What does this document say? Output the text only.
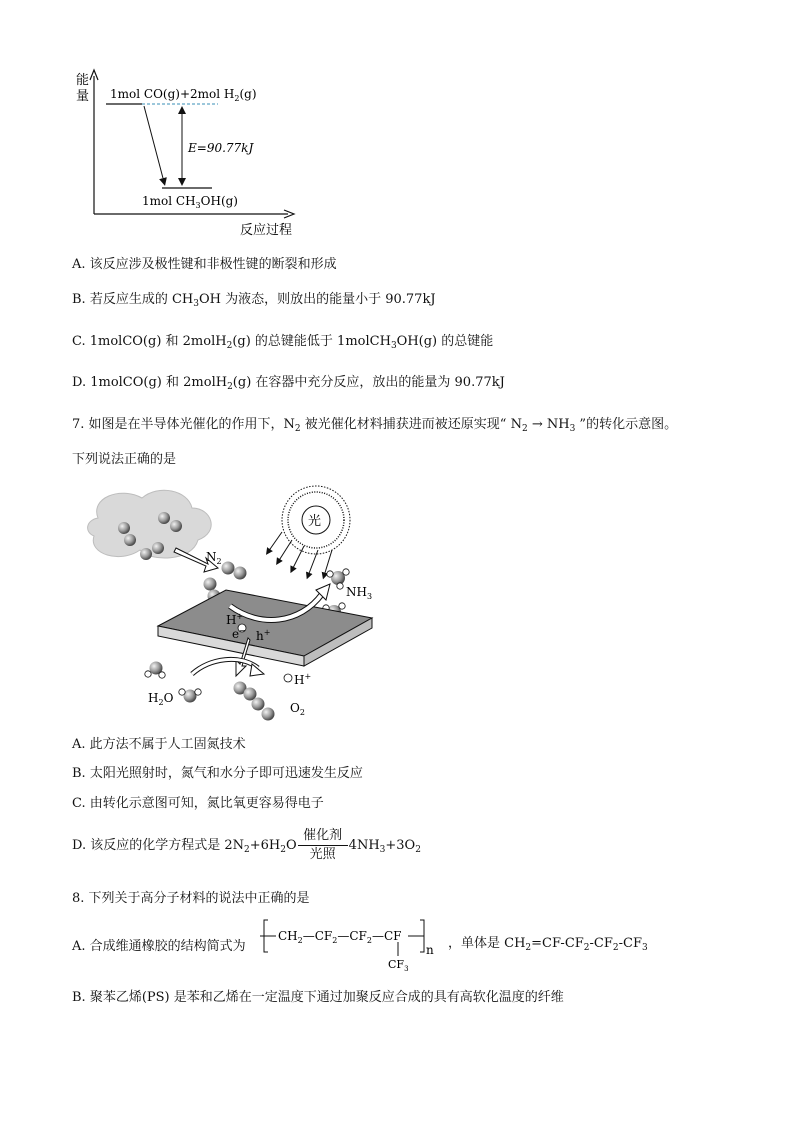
能
量
反应过程
1mol CO(g)+2mol $H_2(g)$
1mol $CH_3OH(g)$
E=90.77kJ
A. 该反应涉及极性键和非极性键的断裂和形成
B. 若反应生成的 $CH_3OH$ 为液态，则放出的能量小于 90.77kJ
C. 1molCO(g) 和 2molH$_2$(g) 的总键能低于 1molCH$_3$OH(g) 的总键能
D. 1molCO(g) 和 2molH$_2$(g) 在容器中充分反应，放出的能量为 90.77kJ
7. 如图是在半导体光催化的作用下，$N_2$ 被光催化材料捕获进而被还原实现“ $N_2 \to NH_3$ ”的转化示意图。
下列说法正确的是
$N_2$
光
$NH_3$
H+
e− h+
$H_2O$
H+
$O_2$
A. 此方法不属于人工固氮技术
B. 太阳光照射时，氮气和水分子即可迅速发生反应
C. 由转化示意图可知，氮比氧更容易得电子
D. 该反应的化学方程式是 $2N_2+6H_2O$
催化剂
光照
$4NH_3+3O_2$
8. 下列关于高分子材料的说法中正确的是
A. 合成维通橡胶的结构简式为
$CH_2—CF_2—CF_2—CF$
n
$CF_3$
，单体是 $CH_2=CF-CF_2-CF_2-CF_3$
B. 聚苯乙烯(PS) 是苯和乙烯在一定温度下通过加聚反应合成的具有高软化温度的纤维
